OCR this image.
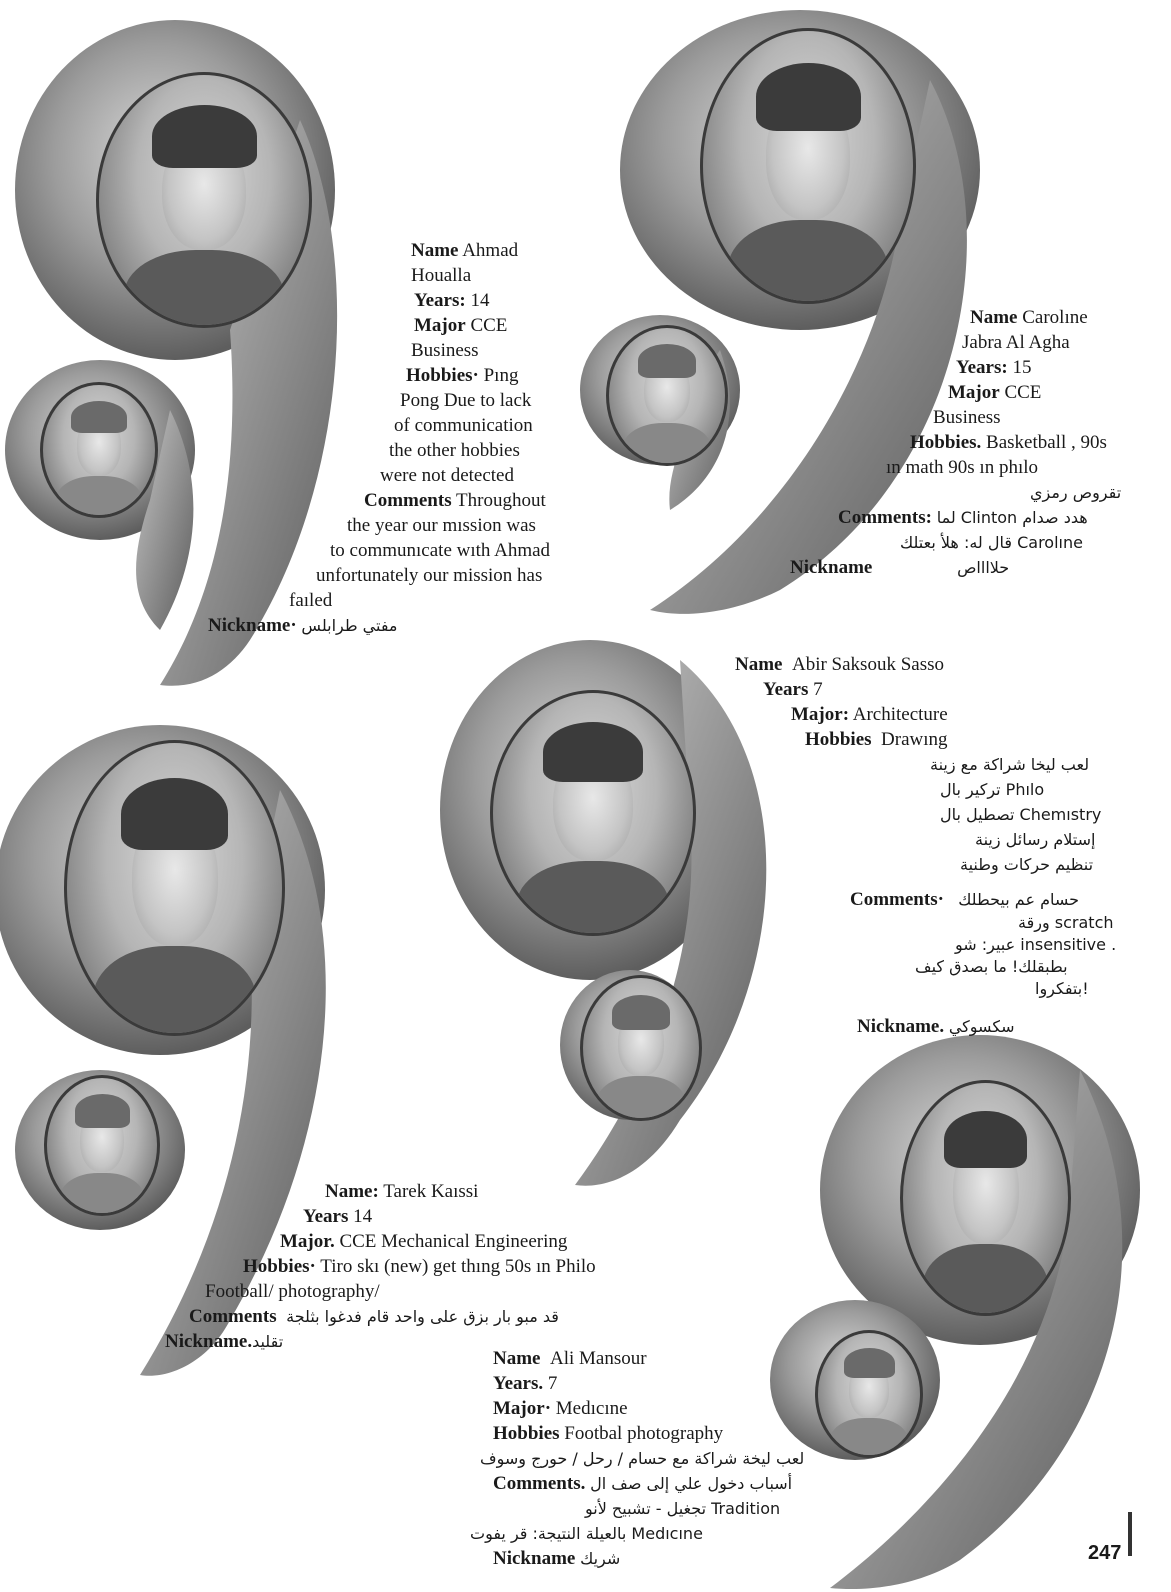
Name Ahmad
Houalla
Years: 14
Major CCE
Business
Hobbies· Pıng
Pong Due to lack
of communication
the other hobbies
were not detected
Comments Throughout
the year our mıssion was
to communıcate wıth Ahmad
unfortunately our mission has
faıled
Nickname· مفتي طرابلس
Name Carolıne
Jabra Al Agha
Years: 15
Major CCE
Business
Hobbies. Basketball , 90s
ın math 90s ın phılo
تقروص رمزي
Comments: لما Clinton هدد صدام
قال له: هلأ بعتلك Carolıne
Nickname	حلااااص
Name Abir Saksouk Sasso
Years 7
Major: Architecture
Hobbies Drawıng
لعب ليخا شراكة مع زينة
تركير بال Phılo
تصطيل بال Chemıstry
إستلام رسائل زينة
تنظيم حركات وطنية
Comments· حسام عم بيحطلك
ورقة scratch
عبير: شو insensitive .
بطبقلك! ما بصدق كيف
بتفكروا!
Nickname. سكسوكي
Name: Tarek Kaıssi
Years 14
Major. CCE Mechanical Engineering
Hobbies· Tiro skı (new) get thıng 50s ın Philo
Football/ photography/
Comments قد مبو بار بزق على واحد قام فدغوا بثلجة
Nickname.تقليد
Name Ali Mansour
Years. 7
Major· Medıcıne
Hobbies Footbal photography
لعب ليخة شراكة مع حسام / رحل / حورج وسوف
Comments. أسباب دخول علي إلى صف ال
تجغيل - تشبيح لأنو Tradition
بالعيلة النتيجة: قر يفوت Medıcıne
Nickname شريك	247
